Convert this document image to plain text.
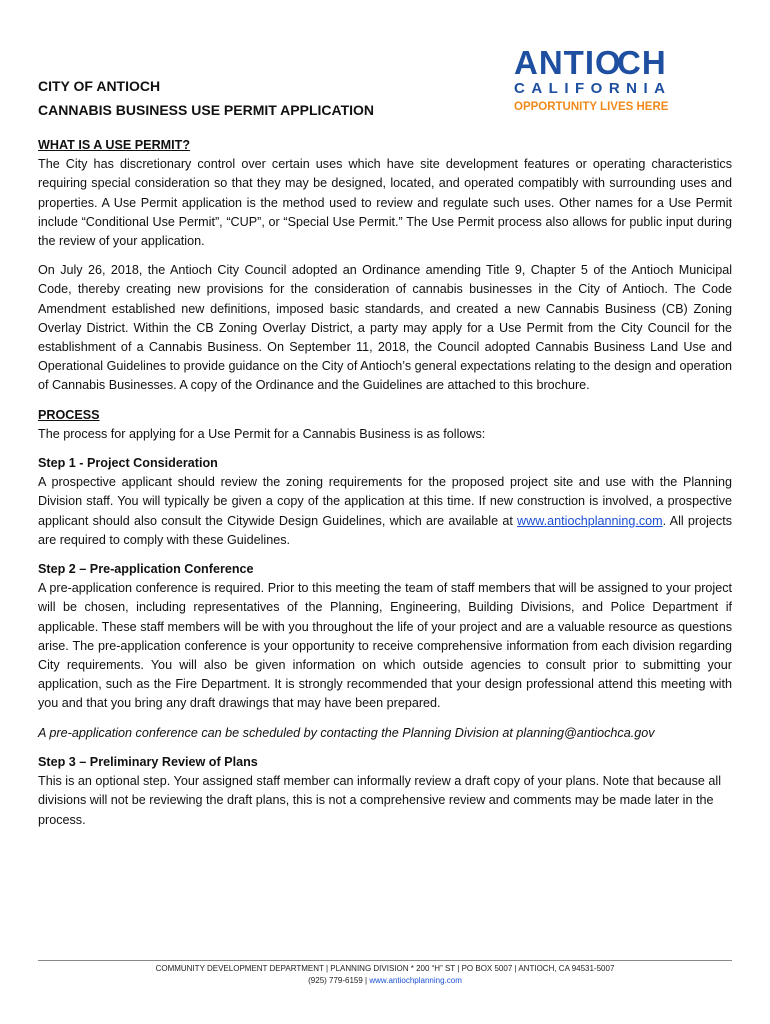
CITY OF ANTIOCH
CANNABIS BUSINESS USE PERMIT APPLICATION
ANTIOCH
CALIFORNIA
OPPORTUNITY LIVES HERE

WHAT IS A USE PERMIT?

The City has discretionary control over certain uses which have site development features or operating characteristics requiring special consideration so that they may be designed, located, and operated compatibly with surrounding uses and properties. A Use Permit application is the method used to review and regulate such uses. Other names for a Use Permit include “Conditional Use Permit”, “CUP”, or “Special Use Permit.” The Use Permit process also allows for public input during the review of your application.

On July 26, 2018, the Antioch City Council adopted an Ordinance amending Title 9, Chapter 5 of the Antioch Municipal Code, thereby creating new provisions for the consideration of cannabis businesses in the City of Antioch. The Code Amendment established new definitions, imposed basic standards, and created a new Cannabis Business (CB) Zoning Overlay District. Within the CB Zoning Overlay District, a party may apply for a Use Permit from the City Council for the establishment of a Cannabis Business. On September 11, 2018, the Council adopted Cannabis Business Land Use and Operational Guidelines to provide guidance on the City of Antioch’s general expectations relating to the design and operation of Cannabis Businesses. A copy of the Ordinance and the Guidelines are attached to this brochure.

PROCESS

The process for applying for a Use Permit for a Cannabis Business is as follows:

Step 1 - Project Consideration

A prospective applicant should review the zoning requirements for the proposed project site and use with the Planning Division staff. You will typically be given a copy of the application at this time. If new construction is involved, a prospective applicant should also consult the Citywide Design Guidelines, which are available at www.antiochplanning.com. All projects are required to comply with these Guidelines.

Step 2 – Pre-application Conference

A pre-application conference is required. Prior to this meeting the team of staff members that will be assigned to your project will be chosen, including representatives of the Planning, Engineering, Building Divisions, and Police Department if applicable. These staff members will be with you throughout the life of your project and are a valuable resource as questions arise. The pre-application conference is your opportunity to receive comprehensive information from each division regarding City requirements. You will also be given information on which outside agencies to consult prior to submitting your application, such as the Fire Department. It is strongly recommended that your design professional attend this meeting with you and that you bring any draft drawings that may have been prepared.

A pre-application conference can be scheduled by contacting the Planning Division at planning@antiochca.gov

Step 3 – Preliminary Review of Plans

This is an optional step. Your assigned staff member can informally review a draft copy of your plans. Note that because all divisions will not be reviewing the draft plans, this is not a comprehensive review and comments may be made later in the process.

COMMUNITY DEVELOPMENT DEPARTMENT | PLANNING DIVISION * 200 “H” ST | PO BOX 5007 | ANTIOCH, CA 94531-5007
(925) 779-6159 | www.antiochplanning.com
